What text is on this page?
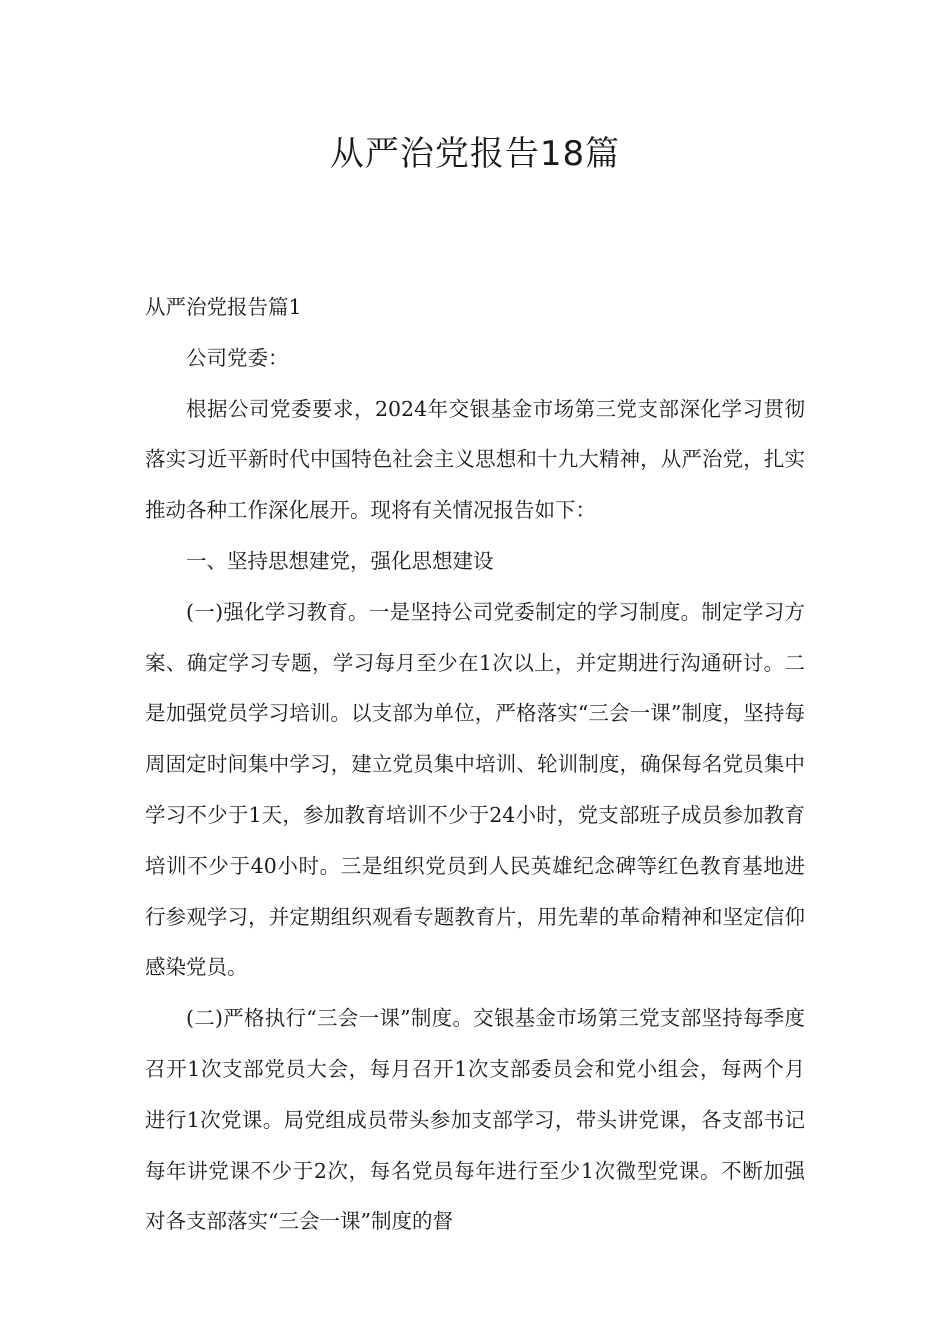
从严治党报告18篇

从严治党报告篇1

公司党委：

根据公司党委要求，2024年交银基金市场第三党支部深化学习贯彻落实习近平新时代中国特色社会主义思想和十九大精神，从严治党，扎实推动各种工作深化展开。现将有关情况报告如下：

一、坚持思想建党，强化思想建设

(一)强化学习教育。一是坚持公司党委制定的学习制度。制定学习方案、确定学习专题，学习每月至少在1次以上，并定期进行沟通研讨。二是加强党员学习培训。以支部为单位，严格落实“三会一课”制度，坚持每周固定时间集中学习，建立党员集中培训、轮训制度，确保每名党员集中学习不少于1天，参加教育培训不少于24小时，党支部班子成员参加教育培训不少于40小时。三是组织党员到人民英雄纪念碑等红色教育基地进行参观学习，并定期组织观看专题教育片，用先辈的革命精神和坚定信仰感染党员。

(二)严格执行“三会一课”制度。交银基金市场第三党支部坚持每季度召开1次支部党员大会，每月召开1次支部委员会和党小组会，每两个月进行1次党课。局党组成员带头参加支部学习，带头讲党课，各支部书记每年讲党课不少于2次，每名党员每年进行至少1次微型党课。不断加强对各支部落实“三会一课”制度的督
